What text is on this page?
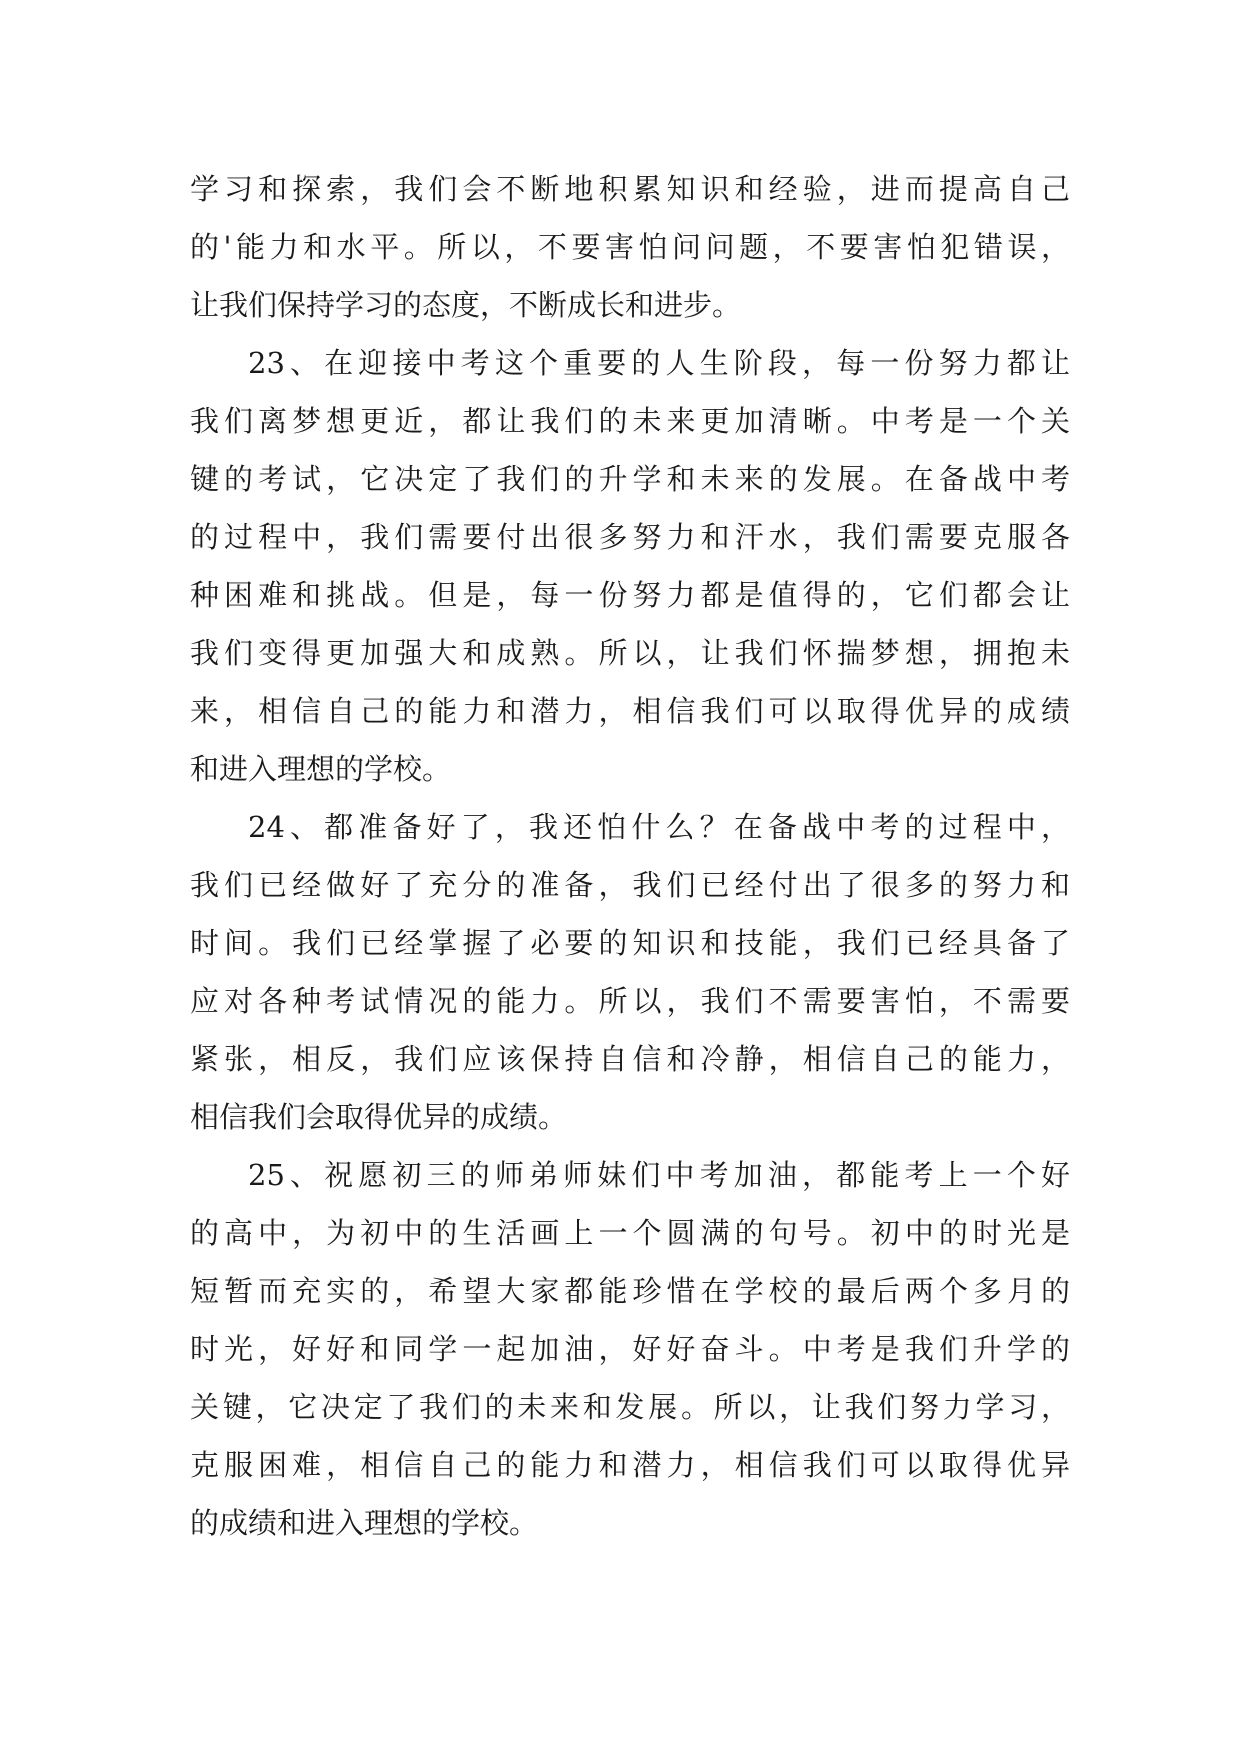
学习和探索，我们会不断地积累知识和经验，进而提高自己
的'能力和水平。所以，不要害怕问问题，不要害怕犯错误，
让我们保持学习的态度，不断成长和进步。
23、在迎接中考这个重要的人生阶段，每一份努力都让
我们离梦想更近，都让我们的未来更加清晰。中考是一个关
键的考试，它决定了我们的升学和未来的发展。在备战中考
的过程中，我们需要付出很多努力和汗水，我们需要克服各
种困难和挑战。但是，每一份努力都是值得的，它们都会让
我们变得更加强大和成熟。所以，让我们怀揣梦想，拥抱未
来，相信自己的能力和潜力，相信我们可以取得优异的成绩
和进入理想的学校。
24、都准备好了，我还怕什么？在备战中考的过程中，
我们已经做好了充分的准备，我们已经付出了很多的努力和
时间。我们已经掌握了必要的知识和技能，我们已经具备了
应对各种考试情况的能力。所以，我们不需要害怕，不需要
紧张，相反，我们应该保持自信和冷静，相信自己的能力，
相信我们会取得优异的成绩。
25、祝愿初三的师弟师妹们中考加油，都能考上一个好
的高中，为初中的生活画上一个圆满的句号。初中的时光是
短暂而充实的，希望大家都能珍惜在学校的最后两个多月的
时光，好好和同学一起加油，好好奋斗。中考是我们升学的
关键，它决定了我们的未来和发展。所以，让我们努力学习，
克服困难，相信自己的能力和潜力，相信我们可以取得优异
的成绩和进入理想的学校。
